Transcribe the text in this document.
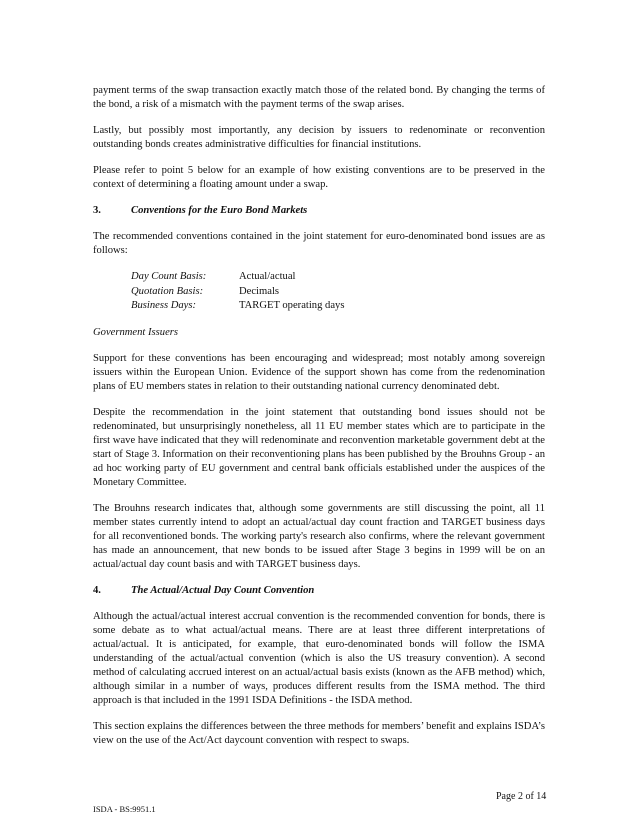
payment terms of the swap transaction exactly match those of the related bond. By changing the terms of the bond, a risk of a mismatch with the payment terms of the swap arises.

Lastly, but possibly most importantly, any decision by issuers to redenominate or reconvention outstanding bonds creates administrative difficulties for financial institutions.

Please refer to point 5 below for an example of how existing conventions are to be preserved in the context of determining a floating amount under a swap.

3.	Conventions for the Euro Bond Markets

The recommended conventions contained in the joint statement for euro-denominated bond issues are as follows:

Day Count Basis:	Actual/actual
Quotation Basis:	Decimals
Business Days:	TARGET operating days
Government Issuers

Support for these conventions has been encouraging and widespread; most notably among sovereign issuers within the European Union. Evidence of the support shown has come from the redenomination plans of EU members states in relation to their outstanding national currency denominated debt.

Despite the recommendation in the joint statement that outstanding bond issues should not be redenominated, but unsurprisingly nonetheless, all 11 EU member states which are to participate in the first wave have indicated that they will redenominate and reconvention marketable government debt at the start of Stage 3. Information on their reconventioning plans has been published by the Brouhns Group - an ad hoc working party of EU government and central bank officials established under the auspices of the Monetary Committee.

The Brouhns research indicates that, although some governments are still discussing the point, all 11 member states currently intend to adopt an actual/actual day count fraction and TARGET business days for all reconventioned bonds. The working party's research also confirms, where the relevant government has made an announcement, that new bonds to be issued after Stage 3 begins in 1999 will be on an actual/actual day count basis and with TARGET business days.

4.	The Actual/Actual Day Count Convention

Although the actual/actual interest accrual convention is the recommended convention for bonds, there is some debate as to what actual/actual means. There are at least three different interpretations of actual/actual. It is anticipated, for example, that euro-denominated bonds will follow the ISMA understanding of the actual/actual convention (which is also the US treasury convention). A second method of calculating accrued interest on an actual/actual basis exists (known as the AFB method) which, although similar in a number of ways, produces different results from the ISMA method. The third approach is that included in the 1991 ISDA Definitions - the ISDA method.

This section explains the differences between the three methods for members’ benefit and explains ISDA’s view on the use of the Act/Act daycount convention with respect to swaps.

Page 2 of 14
ISDA - BS:9951.1
